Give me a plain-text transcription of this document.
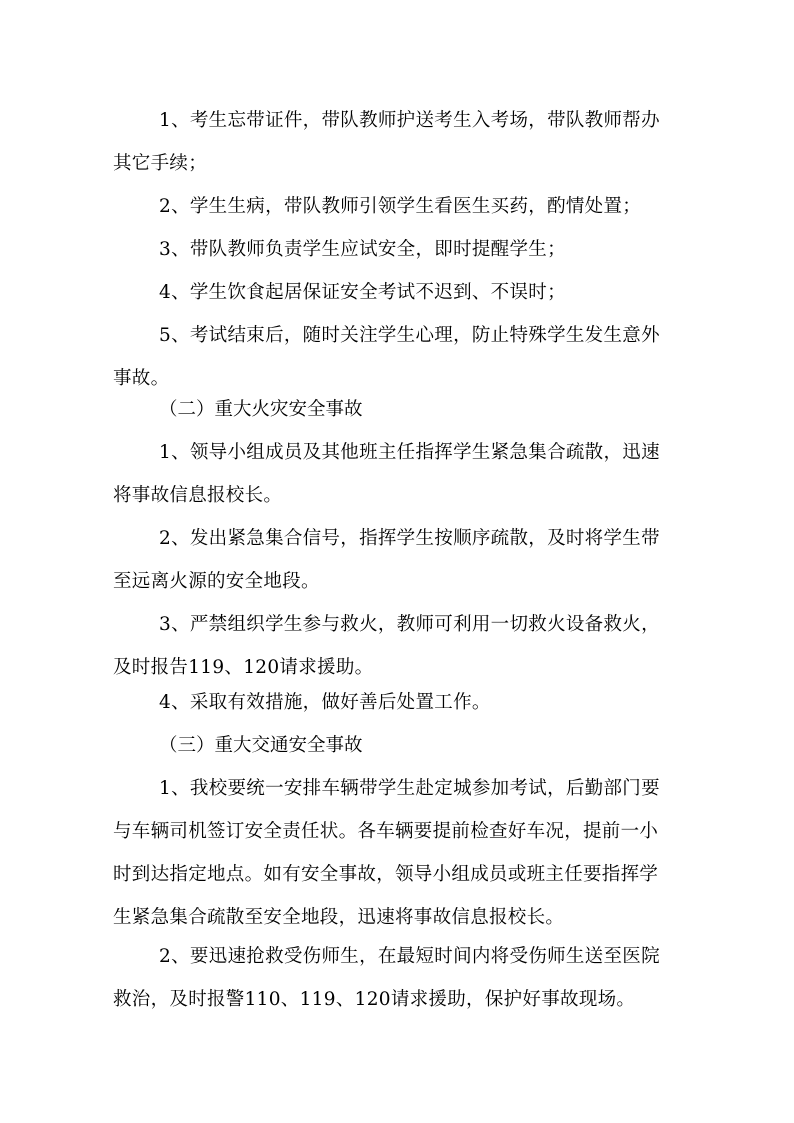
1、考生忘带证件，带队教师护送考生入考场，带队教师帮办其它手续；

2、学生生病，带队教师引领学生看医生买药，酌情处置；

3、带队教师负责学生应试安全，即时提醒学生；

4、学生饮食起居保证安全考试不迟到、不误时；

5、考试结束后，随时关注学生心理，防止特殊学生发生意外事故。

（二）重大火灾安全事故

1、领导小组成员及其他班主任指挥学生紧急集合疏散，迅速将事故信息报校长。

2、发出紧急集合信号，指挥学生按顺序疏散，及时将学生带至远离火源的安全地段。

3、严禁组织学生参与救火，教师可利用一切救火设备救火，及时报告119、120请求援助。

4、采取有效措施，做好善后处置工作。

（三）重大交通安全事故

1、我校要统一安排车辆带学生赴定城参加考试，后勤部门要与车辆司机签订安全责任状。各车辆要提前检查好车况，提前一小时到达指定地点。如有安全事故，领导小组成员或班主任要指挥学生紧急集合疏散至安全地段，迅速将事故信息报校长。

2、要迅速抢救受伤师生，在最短时间内将受伤师生送至医院救治，及时报警110、119、120请求援助，保护好事故现场。
